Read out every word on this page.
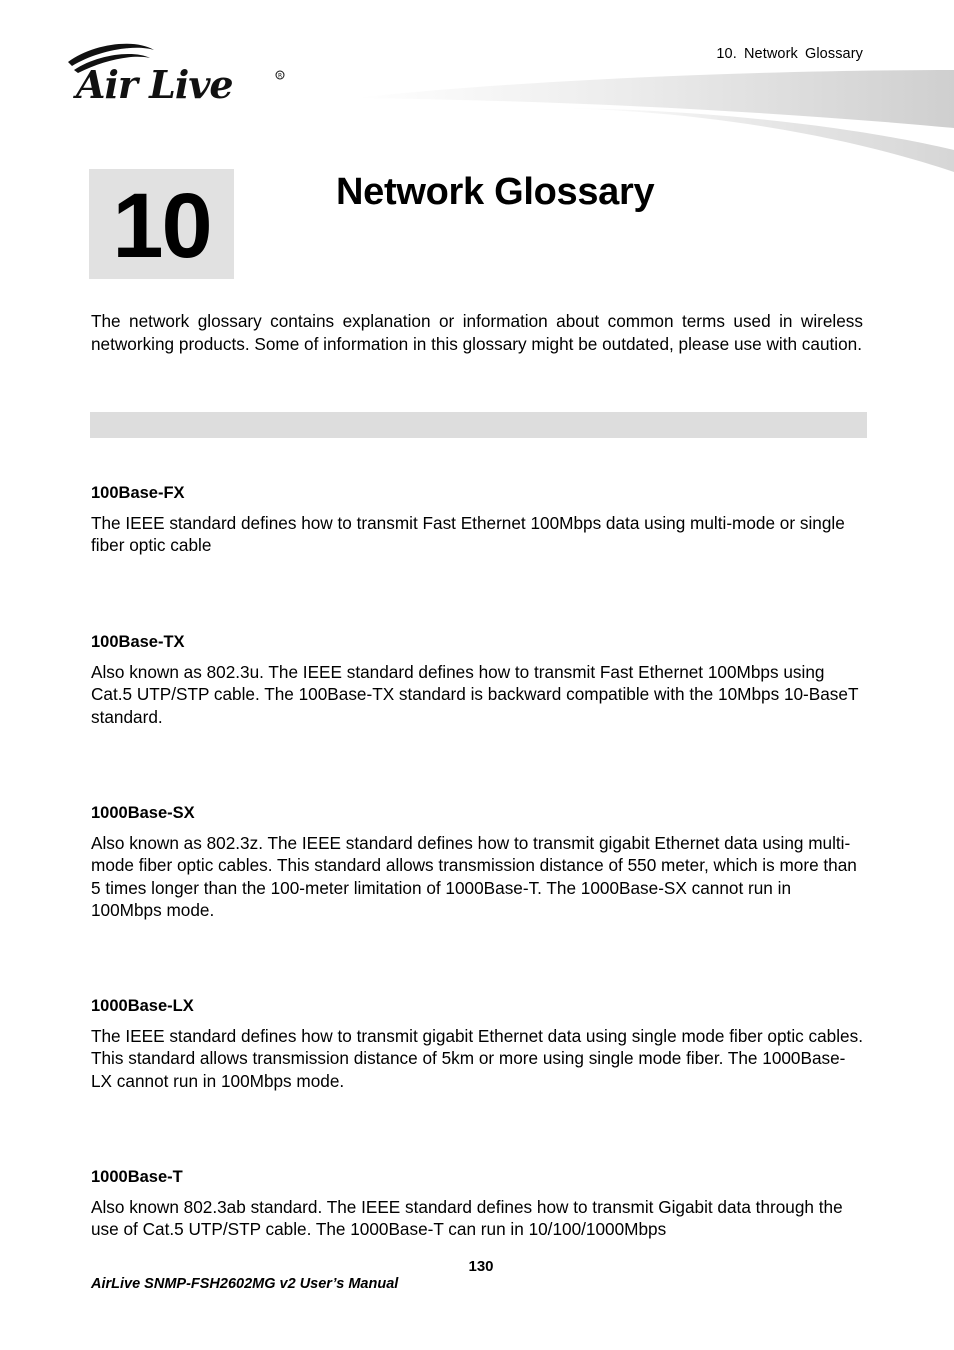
Air Live	R
10. Network Glossary
10	Network Glossary

The network glossary contains explanation or information about common terms used in wireless networking products. Some of information in this glossary might be outdated, please use with caution.

100Base-FX

The IEEE standard defines how to transmit Fast Ethernet 100Mbps data using multi-mode or single fiber optic cable

100Base-TX

Also known as 802.3u. The IEEE standard defines how to transmit Fast Ethernet 100Mbps using Cat.5 UTP/STP cable. The 100Base-TX standard is backward compatible with the 10Mbps 10-BaseT standard.

1000Base-SX

Also known as 802.3z. The IEEE standard defines how to transmit gigabit Ethernet data using multi-mode fiber optic cables. This standard allows transmission distance of 550 meter, which is more than 5 times longer than the 100-meter limitation of 1000Base-T. The 1000Base-SX cannot run in 100Mbps mode.

1000Base-LX

The IEEE standard defines how to transmit gigabit Ethernet data using single mode fiber optic cables. This standard allows transmission distance of 5km or more using single mode fiber. The 1000Base-LX cannot run in 100Mbps mode.

1000Base-T

Also known 802.3ab standard. The IEEE standard defines how to transmit Gigabit data through the use of Cat.5 UTP/STP cable. The 1000Base-T can run in 10/100/1000Mbps

130
AirLive SNMP-FSH2602MG v2 User’s Manual
